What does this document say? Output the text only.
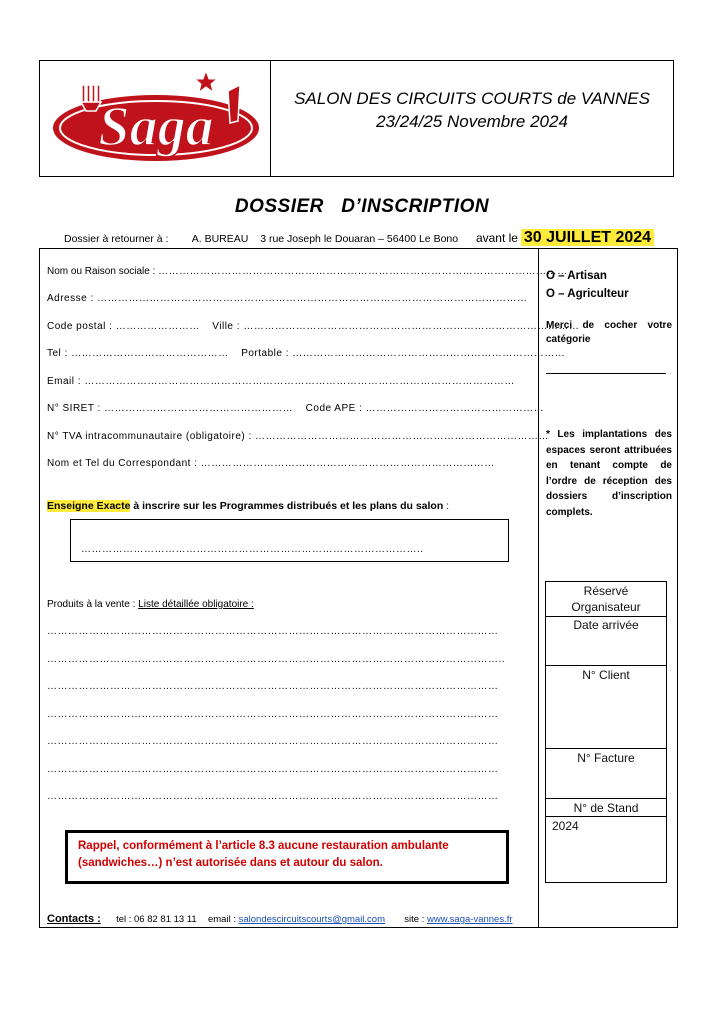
Saga	SALON DES CIRCUITS COURTS de VANNES
23/24/25 Novembre 2024
DOSSIER   D’INSCRIPTION
Dossier à retourner à : A. BUREAU 3 rue Joseph le Douaran – 56400 Le Bono avant le 30 JUILLET 2024
Nom ou Raison sociale : ………………………………………………………………………………………………………
Adresse : ……………………………………………………………………………………………………………
Code postal : …………………… Ville : ……………………………………………………………………………………
Tel : ……………………………………… Portable : ……………………………………………………………………
Email : ……………………………………………………………………………………………………………
N° SIRET : ……………………………………………… Code APE : ……………………………………………
N° TVA intracommunautaire (obligatoire) : …………………………………………………………………………
Nom et Tel du Correspondant : …………………………………………………………………………
Enseigne Exacte à inscrire sur les Programmes distribués et les plans du salon :
……………………………………………………………………………………..
Produits à la vente : Liste détaillée obligatoire :
…………………………………………………………………………………………………………………
…………………………………………………………………………………………………………………..
…………………………………………………………………………………………………………………
…………………………………………………………………………………………………………………
…………………………………………………………………………………………………………………
…………………………………………………………………………………………………………………
…………………………………………………………………………………………………………………
Rappel, conformément à l’article 8.3 aucune restauration ambulante
(sandwiches…) n’est autorisée dans et autour du salon.
Contacts : tel : 06 82 81 13 11 email : salondescircuitscourts@gmail.com site : www.saga-vannes.fr
O – Artisan
O – Agriculteur
Merci de cocher votre catégorie
* Les implantations des espaces seront attribuées en tenant compte de l’ordre de réception des dossiers d’inscription complets.
Réservé
Organisateur
Date arrivée
N° Client
N° Facture
N° de Stand
2024
